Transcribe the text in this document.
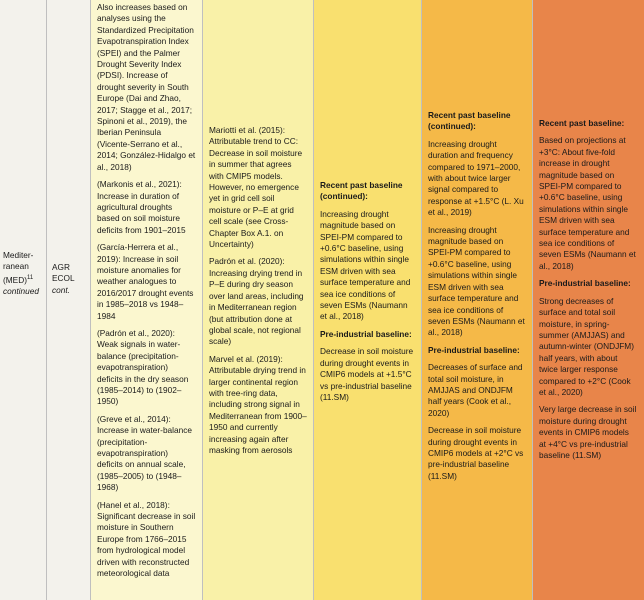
Mediter-
ranean
(MED)$^{11}$
continued
AGR
ECOL
cont.

Also increases based on analyses using the Standardized Precipitation Evapotranspiration Index (SPEI) and the Palmer Drought Severity Index (PDSI). Increase of drought severity in South Europe (Dai and Zhao, 2017; Stagge et al., 2017; Spinoni et al., 2019), the Iberian Peninsula (Vicente-Serrano et al., 2014; González-Hidalgo et al., 2018)

(Markonis et al., 2021): Increase in duration of agricultural droughts based on soil moisture deficits from 1901–2015

(García-Herrera et al., 2019): Increase in soil moisture anomalies for weather analogues to 2016/2017 drought events in 1985–2018 vs 1948–1984

(Padrón et al., 2020): Weak signals in water-balance (precipitation-evapotranspiration) deficits in the dry season (1985–2014) to (1902–1950)

(Greve et al., 2014): Increase in water-balance (precipitation-evapotranspiration) deficits on annual scale, (1985–2005) to (1948–1968)

(Hanel et al., 2018): Significant decrease in soil moisture in Southern Europe from 1766–2015 from hydrological model driven with reconstructed meteorological data

Mariotti et al. (2015): Attributable trend to CC: Decrease in soil moisture in summer that agrees with CMIP5 models. However, no emergence yet in grid cell soil moisture or P–E at grid cell scale (see Cross-Chapter Box A.1. on Uncertainty)

Padrón et al. (2020): Increasing drying trend in P–E during dry season over land areas, including in Mediterranean region (but attribution done at global scale, not regional scale)

Marvel et al. (2019): Attributable drying trend in larger continental region with tree-ring data, including strong signal in Mediterranean from 1900–1950 and currently increasing again after masking from aerosols

Recent past baseline (continued):

Increasing drought magnitude based on SPEI-PM compared to +0.6°C baseline, using simulations within single ESM driven with sea surface temperature and sea ice conditions of seven ESMs (Naumann et al., 2018)

Pre-industrial baseline:

Decrease in soil moisture during drought events in CMIP6 models at +1.5°C vs pre-industrial baseline (11.SM)

Recent past baseline (continued):

Increasing drought duration and frequency compared to 1971–2000, with about twice larger signal compared to response at +1.5°C (L. Xu et al., 2019)

Increasing drought magnitude based on SPEI-PM compared to +0.6°C baseline, using simulations within single ESM driven with sea surface temperature and sea ice conditions of seven ESMs (Naumann et al., 2018)

Pre-industrial baseline:

Decreases of surface and total soil moisture, in AMJJAS and ONDJFM half years (Cook et al., 2020)

Decrease in soil moisture during drought events in CMIP6 models at +2°C vs pre-industrial baseline (11.SM)

Recent past baseline:

Based on projections at +3°C: About five-fold increase in drought magnitude based on SPEI-PM compared to +0.6°C baseline, using simulations within single ESM driven with sea surface temperature and sea ice conditions of seven ESMs (Naumann et al., 2018)

Pre-industrial baseline:

Strong decreases of surface and total soil moisture, in spring-summer (AMJJAS) and autumn-winter (ONDJFM) half years, with about twice larger response compared to +2°C (Cook et al., 2020)

Very large decrease in soil moisture during drought events in CMIP6 models at +4°C vs pre-industrial baseline (11.SM)
